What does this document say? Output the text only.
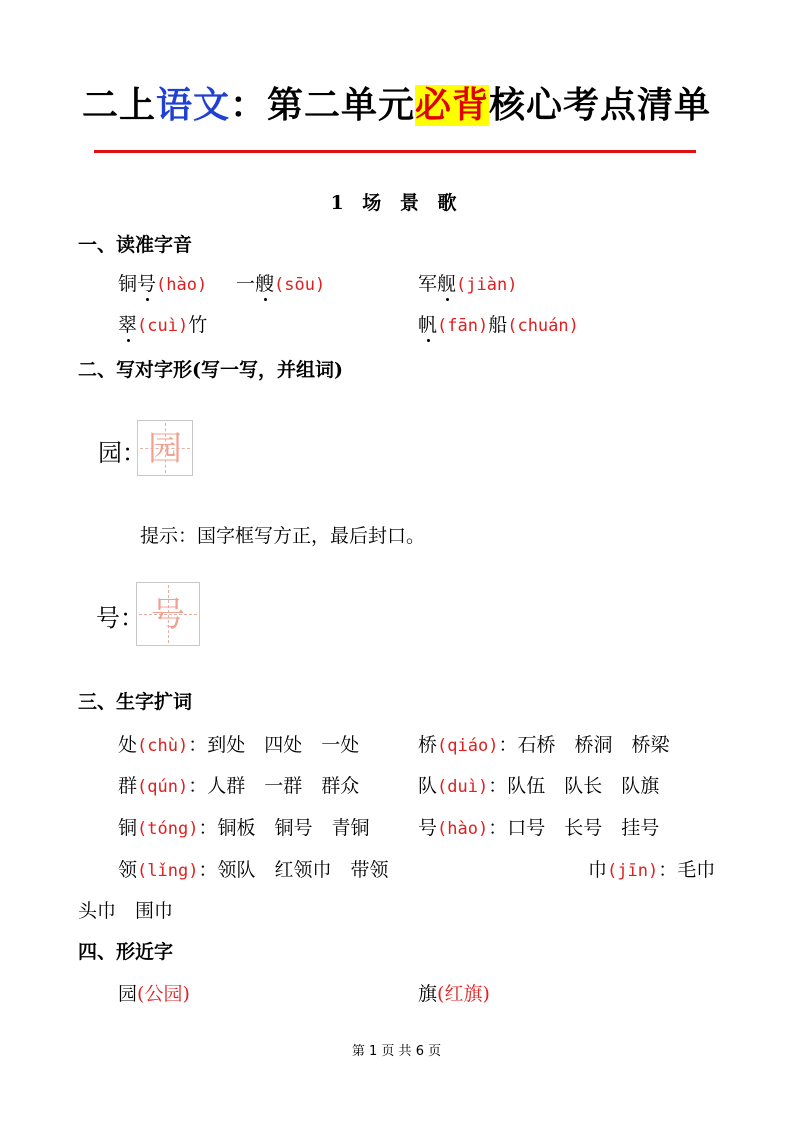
二上语文：第二单元必背核心考点清单
1 场 景 歌
一、读准字音
铜号(hào) 一艘(sōu)	军舰(jiàn)
翠(cuì)竹	帆(fān)船(chuán)
二、写对字形(写一写，并组词)
园： 园
提示：国字框写方正，最后封口。
号： 号
三、生字扩词
处(chù)：到处　四处　一处	桥(qiáo)：石桥　桥洞　桥梁
群(qún)：人群　一群　群众	队(duì)：队伍　队长　队旗
铜(tóng)：铜板　铜号　青铜	号(hào)：口号　长号　挂号
领(lǐng)：领队　红领巾　带领	巾(jīn)：毛巾
头巾　围巾
四、形近字
园(公园)	旗(红旗)
第 1 页 共 6 页
